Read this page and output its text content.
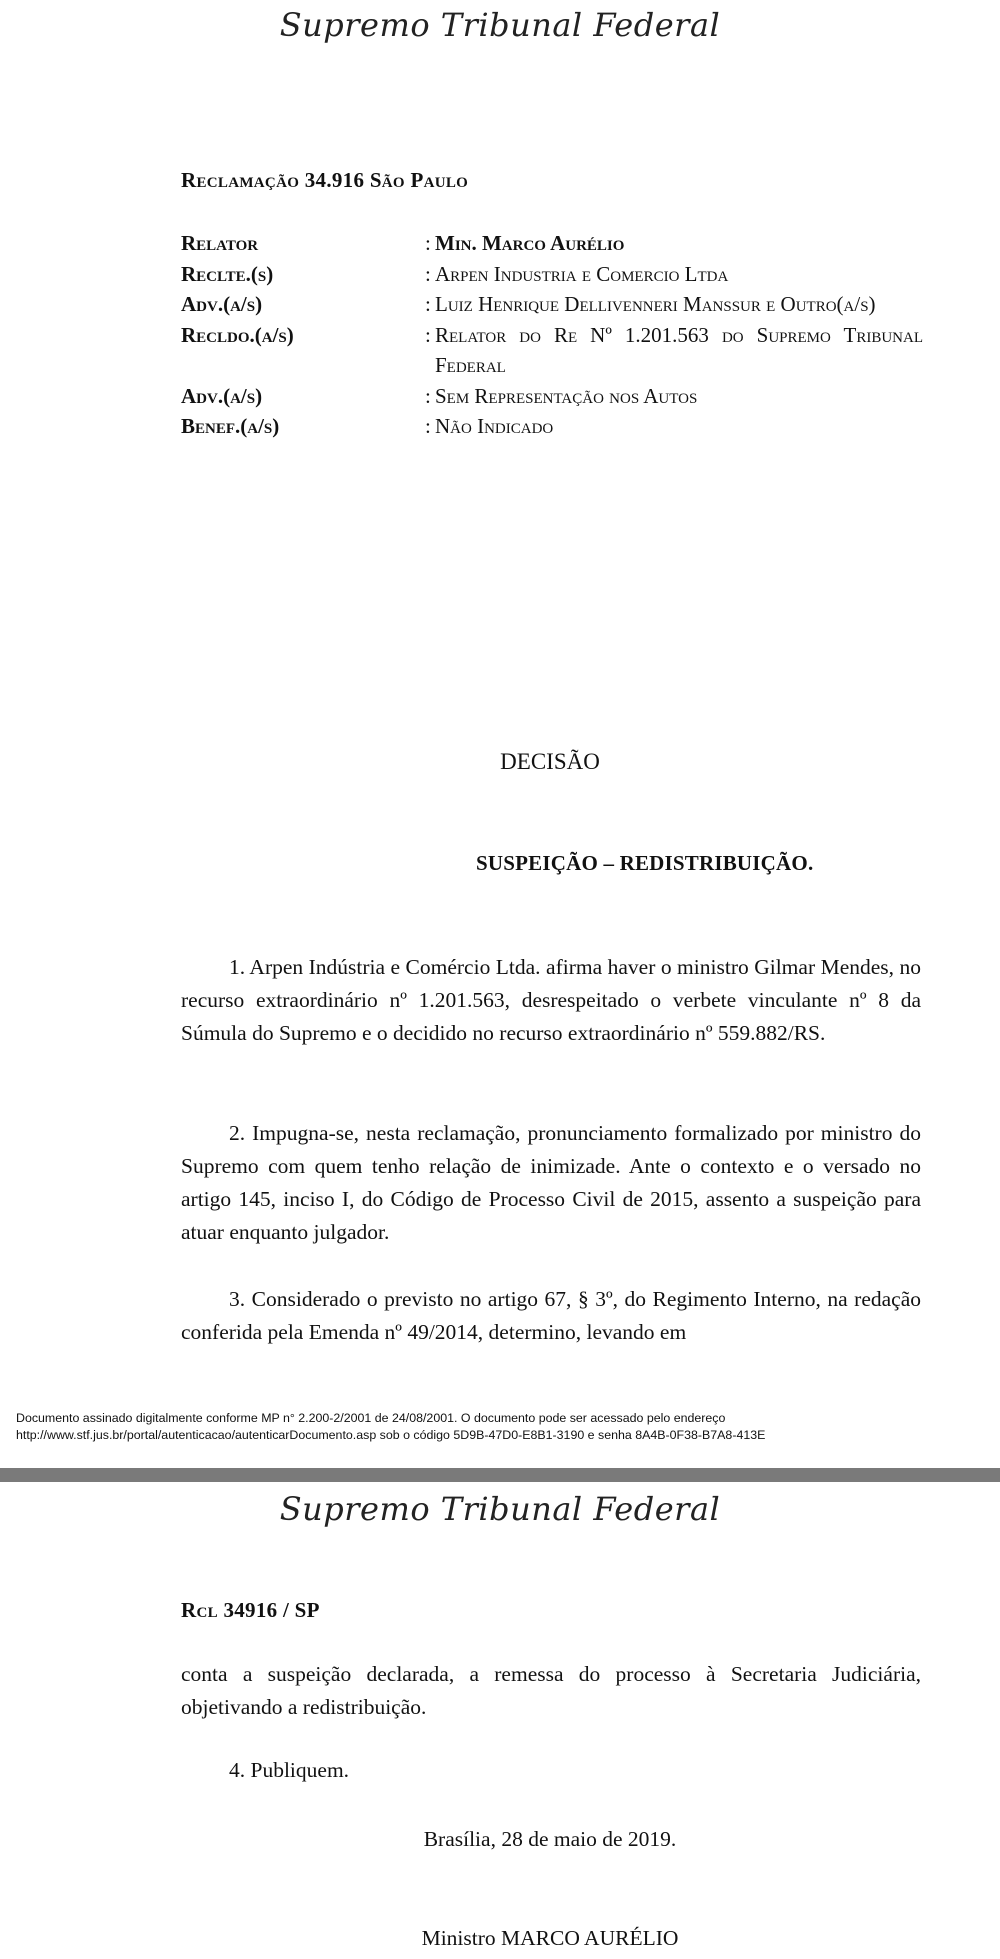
Supremo Tribunal Federal
Reclamação 34.916 São Paulo
Relator	: Min. Marco Aurélio
Reclte.(s)	: Arpen Industria e Comercio Ltda
Adv.(a/s)	: Luiz Henrique Dellivenneri Manssur e Outro(a/s)
Recldo.(a/s)	: Relator do Re Nº 1.201.563 do Supremo Tribunal Federal
Adv.(a/s)	: Sem Representação nos Autos
Benef.(a/s)	: Não Indicado
DECISÃO
SUSPEIÇÃO – REDISTRIBUIÇÃO.

1. Arpen Indústria e Comércio Ltda. afirma haver o ministro Gilmar Mendes, no recurso extraordinário nº 1.201.563, desrespeitado o verbete vinculante nº 8 da Súmula do Supremo e o decidido no recurso extraordinário nº 559.882/RS.

2. Impugna-se, nesta reclamação, pronunciamento formalizado por ministro do Supremo com quem tenho relação de inimizade. Ante o contexto e o versado no artigo 145, inciso I, do Código de Processo Civil de 2015, assento a suspeição para atuar enquanto julgador.

3. Considerado o previsto no artigo 67, § 3º, do Regimento Interno, na redação conferida pela Emenda nº 49/2014, determino, levando em

Documento assinado digitalmente conforme MP n° 2.200-2/2001 de 24/08/2001. O documento pode ser acessado pelo endereço
http://www.stf.jus.br/portal/autenticacao/autenticarDocumento.asp sob o código 5D9B-47D0-E8B1-3190 e senha 8A4B-0F38-B7A8-413E
Supremo Tribunal Federal
Rcl 34916 / SP

conta a suspeição declarada, a remessa do processo à Secretaria Judiciária, objetivando a redistribuição.

4. Publiquem.
Brasília, 28 de maio de 2019.
Ministro MARCO AURÉLIO
